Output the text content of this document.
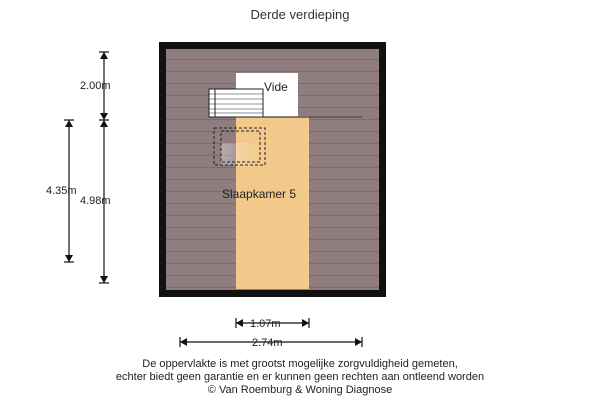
Derde verdieping
Vide
Slaapkamer 5
2.00m
4.98m
4.35m
1.07m
2.74m
De oppervlakte is met grootst mogelijke zorgvuldigheid gemeten,
echter biedt geen garantie en er kunnen geen rechten aan ontleend worden
© Van Roemburg & Woning Diagnose
